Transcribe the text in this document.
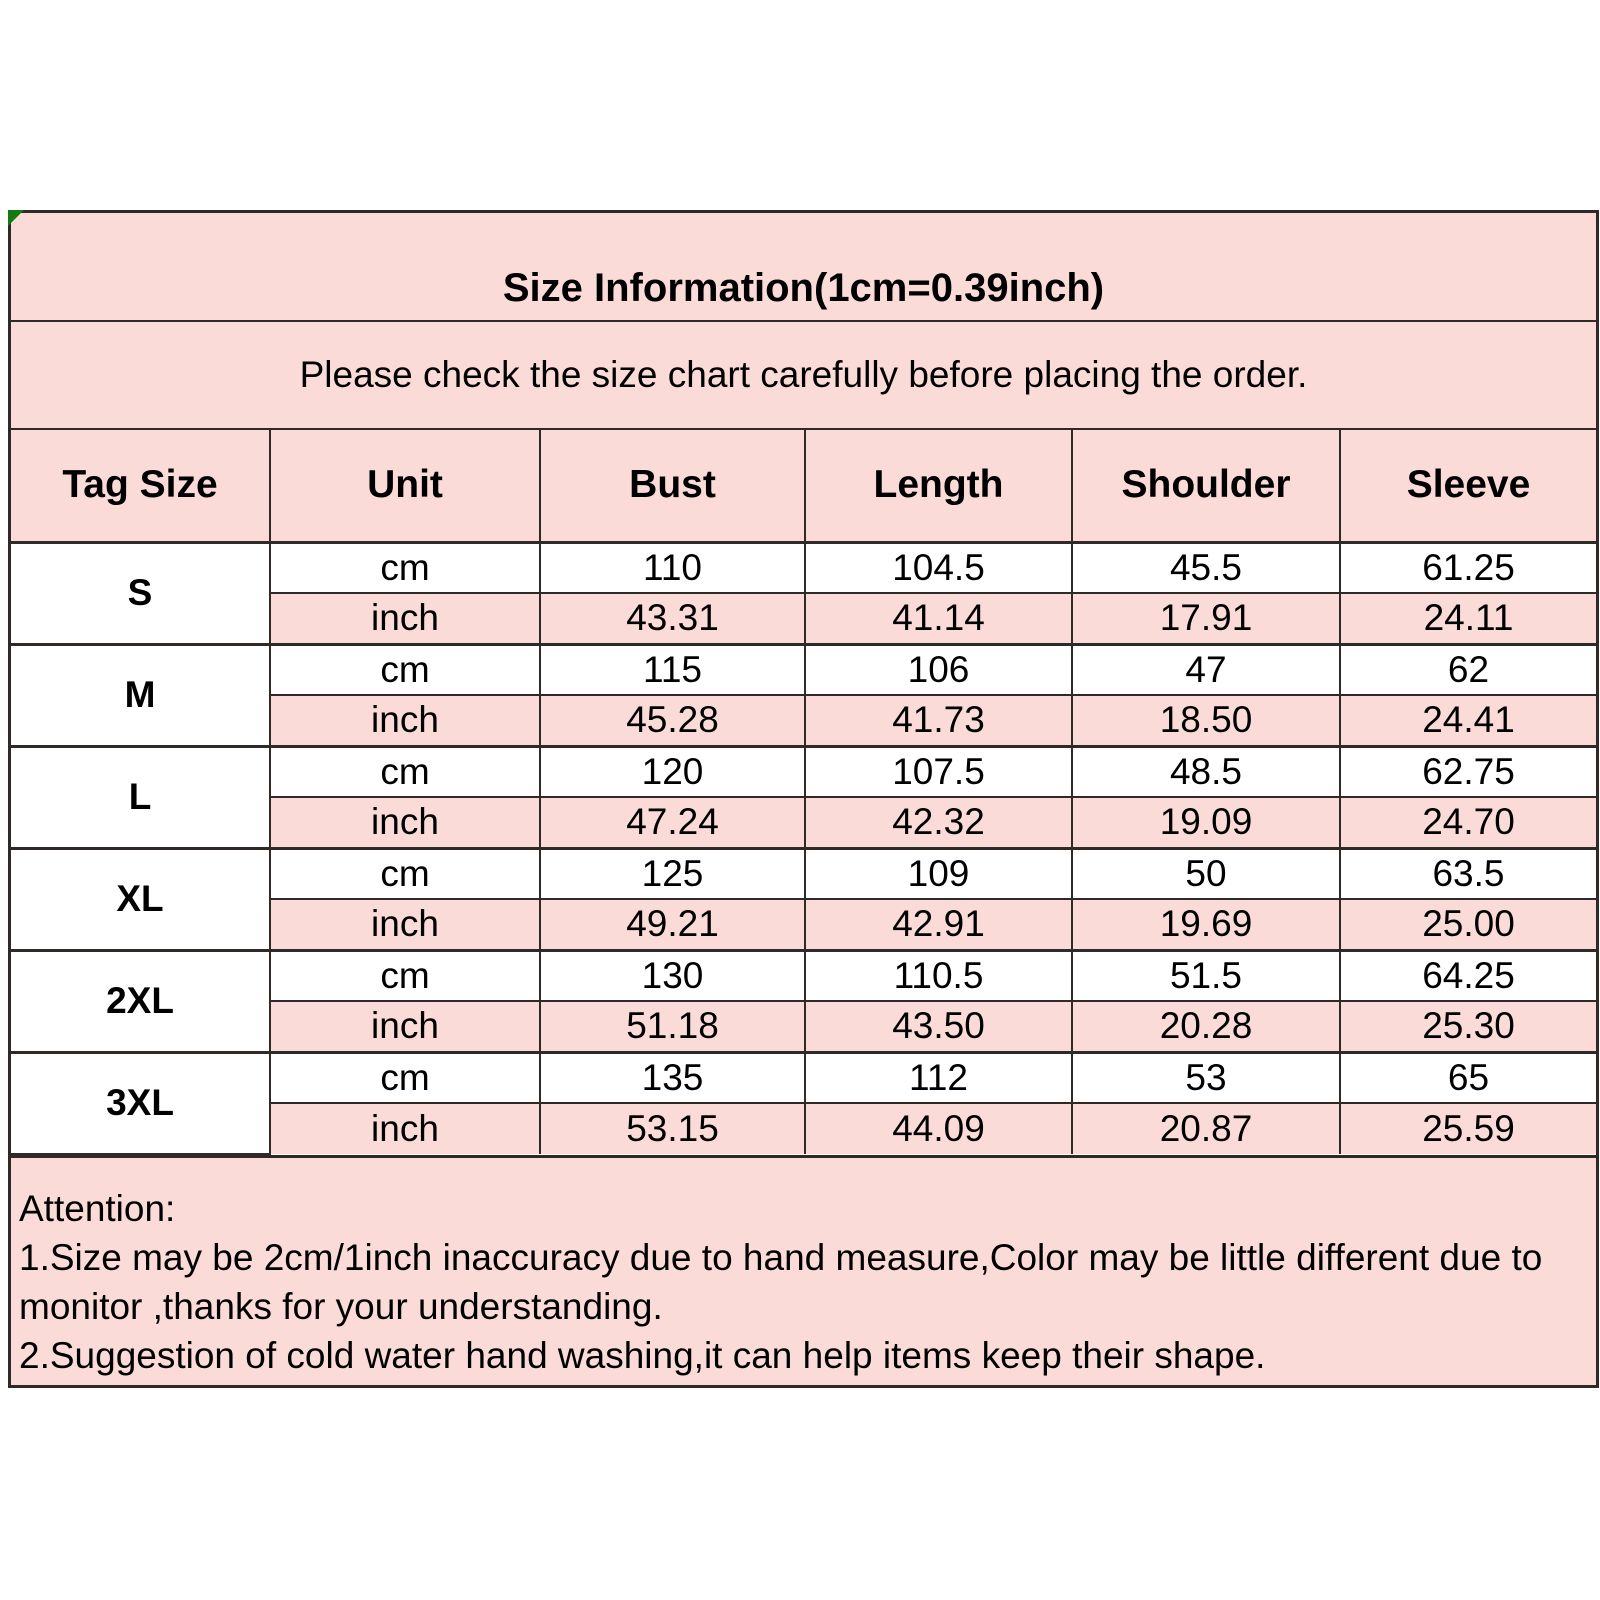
Size Information(1cm=0.39inch)					
Please check the size chart carefully before placing the order.					
Tag Size	Unit	Bust	Length	Shoulder	Sleeve
S	cm	110	104.5	45.5	61.25
	inch	43.31	41.14	17.91	24.11
M	cm	115	106	47	62
	inch	45.28	41.73	18.50	24.41
L	cm	120	107.5	48.5	62.75
	inch	47.24	42.32	19.09	24.70
XL	cm	125	109	50	63.5
	inch	49.21	42.91	19.69	25.00
2XL	cm	130	110.5	51.5	64.25
	inch	51.18	43.50	20.28	25.30
3XL	cm	135	112	53	65
	inch	53.15	44.09	20.87	25.59
Attention:
1.Size may be 2cm/1inch inaccuracy due to hand measure,Color may be little different due to monitor ,thanks for your understanding.
2.Suggestion of cold water hand washing,it can help items keep their shape.
